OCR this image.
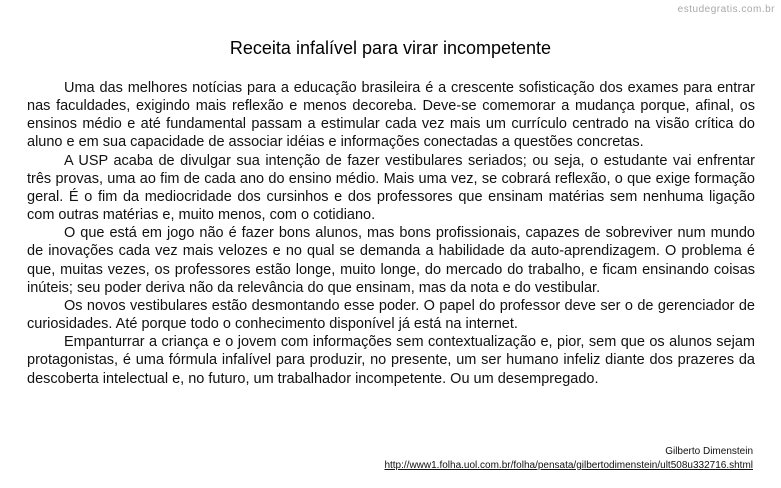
estudegratis.com.br
Receita infalível para virar incompetente

Uma das melhores notícias para a educação brasileira é a crescente sofisticação dos exames para entrar nas faculdades, exigindo mais reflexão e menos decoreba. Deve-se comemorar a mudança porque, afinal, os ensinos médio e até fundamental passam a estimular cada vez mais um currículo centrado na visão crítica do aluno e em sua capacidade de associar idéias e informações conectadas a questões concretas.

A USP acaba de divulgar sua intenção de fazer vestibulares seriados; ou seja, o estudante vai enfrentar três provas, uma ao fim de cada ano do ensino médio. Mais uma vez, se cobrará reflexão, o que exige formação geral. É o fim da mediocridade dos cursinhos e dos professores que ensinam matérias sem nenhuma ligação com outras matérias e, muito menos, com o cotidiano.

O que está em jogo não é fazer bons alunos, mas bons profissionais, capazes de sobreviver num mundo de inovações cada vez mais velozes e no qual se demanda a habilidade da auto-aprendizagem. O problema é que, muitas vezes, os professores estão longe, muito longe, do mercado do trabalho, e ficam ensinando coisas inúteis; seu poder deriva não da relevância do que ensinam, mas da nota e do vestibular.

Os novos vestibulares estão desmontando esse poder. O papel do professor deve ser o de gerenciador de curiosidades. Até porque todo o conhecimento disponível já está na internet.

Empanturrar a criança e o jovem com informações sem contextualização e, pior, sem que os alunos sejam protagonistas, é uma fórmula infalível para produzir, no presente, um ser humano infeliz diante dos prazeres da descoberta intelectual e, no futuro, um trabalhador incompetente. Ou um desempregado.

Gilberto Dimenstein
http://www1.folha.uol.com.br/folha/pensata/gilbertodimenstein/ult508u332716.shtml
